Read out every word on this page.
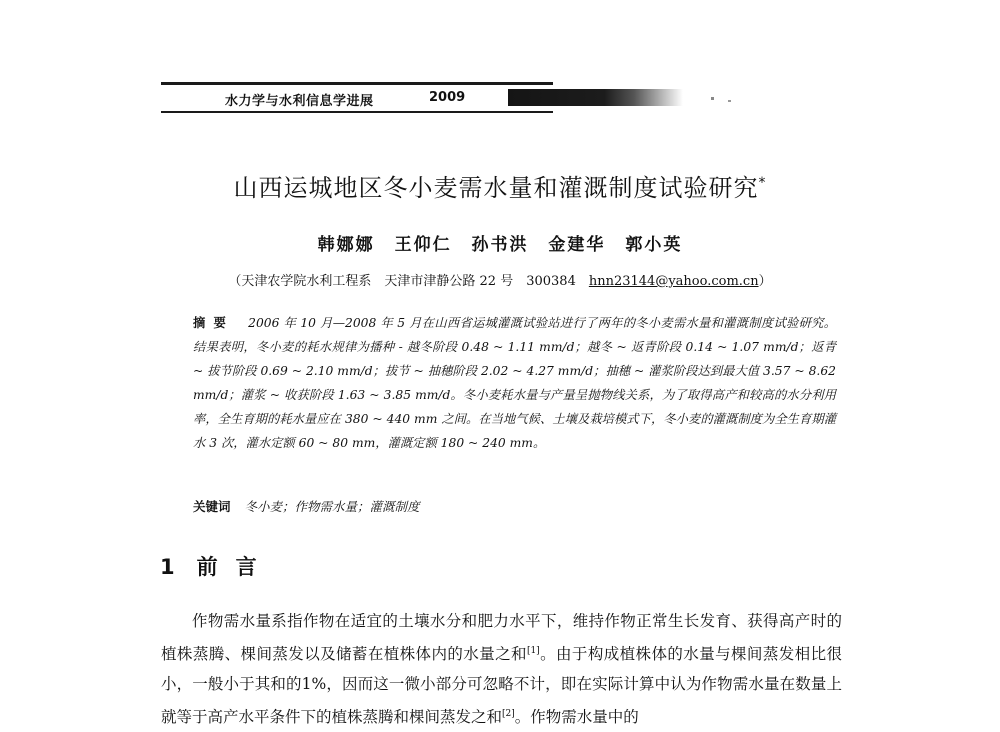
水力学与水利信息学进展	2009
山西运城地区冬小麦需水量和灌溉制度试验研究*
韩娜娜 王仰仁 孙书洪 金建华 郭小英
（天津农学院水利工程系　天津市津静公路 22 号　300384　hnn23144@yahoo.com.cn）
摘要 2006 年 10 月—2008 年 5 月在山西省运城灌溉试验站进行了两年的冬小麦需水量和灌溉制度试验研究。结果表明，冬小麦的耗水规律为播种 - 越冬阶段 0.48 ~ 1.11 mm/d；越冬 ~ 返青阶段 0.14 ~ 1.07 mm/d；返青 ~ 拔节阶段 0.69 ~ 2.10 mm/d；拔节 ~ 抽穗阶段 2.02 ~ 4.27 mm/d；抽穗 ~ 灌浆阶段达到最大值 3.57 ~ 8.62 mm/d；灌浆 ~ 收获阶段 1.63 ~ 3.85 mm/d。冬小麦耗水量与产量呈抛物线关系，为了取得高产和较高的水分利用率，全生育期的耗水量应在 380 ~ 440 mm 之间。在当地气候、土壤及栽培模式下，冬小麦的灌溉制度为全生育期灌水 3 次，灌水定额 60 ~ 80 mm，灌溉定额 180 ~ 240 mm。
关键词 冬小麦；作物需水量；灌溉制度
1 前言
作物需水量系指作物在适宜的土壤水分和肥力水平下，维持作物正常生长发育、获得高产时的植株蒸腾、棵间蒸发以及储蓄在植株体内的水量之和[1]。由于构成植株体的水量与棵间蒸发相比很小，一般小于其和的1%，因而这一微小部分可忽略不计，即在实际计算中认为作物需水量在数量上就等于高产水平条件下的植株蒸腾和棵间蒸发之和[2]。作物需水量中的
